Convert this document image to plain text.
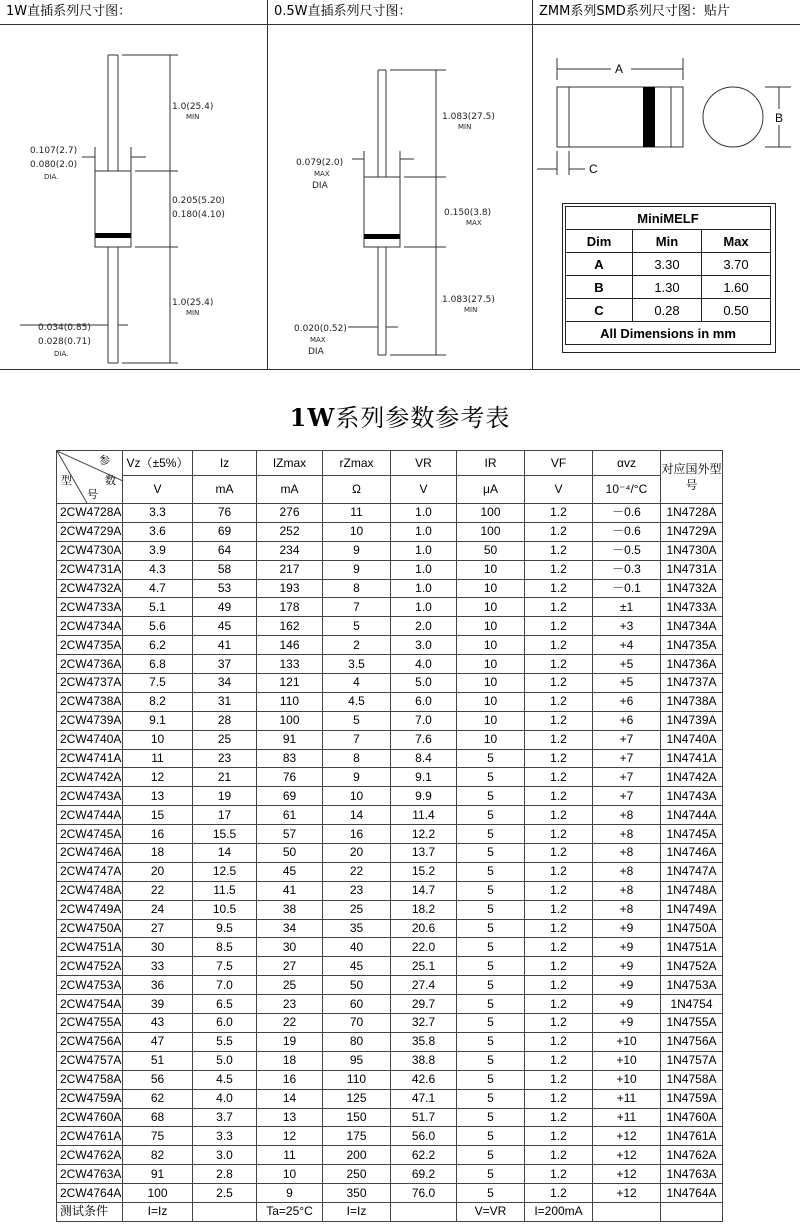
1W直插系列尺寸图：
1.0(25.4)
MIN
0.107(2.7)
0.080(2.0)
DIA.
0.205(5.20)
0.180(4.10)
1.0(25.4)
MIN
0.034(0.85)
0.028(0.71)
DIA.
0.5W直插系列尺寸图：
1.083(27.5)
MIN
0.079(2.0)
MAX
DIA
0.150(3.8)
MAX
1.083(27.5)
MIN
0.020(0.52)
MAX
DIA
ZMM系列SMD系列尺寸图：贴片
A
B
C
MiniMELF		
Dim	Min	Max
A	3.30	3.70
B	1.30	1.60
C	0.28	0.50
All Dimensions in mm		
1W系列参数参考表
参
数
型
号	Vz（±5%）	Iz	IZmax	rZmax	VR	IR	VF	αvz	对应国外型号
	V	mA	mA	Ω	V	μA	V	10⁻⁴/°C	
2CW4728A	3.3	76	276	11	1.0	100	1.2	－0.6	1N4728A
2CW4729A	3.6	69	252	10	1.0	100	1.2	－0.6	1N4729A
2CW4730A	3.9	64	234	9	1.0	50	1.2	－0.5	1N4730A
2CW4731A	4.3	58	217	9	1.0	10	1.2	－0.3	1N4731A
2CW4732A	4.7	53	193	8	1.0	10	1.2	－0.1	1N4732A
2CW4733A	5.1	49	178	7	1.0	10	1.2	±1	1N4733A
2CW4734A	5.6	45	162	5	2.0	10	1.2	+3	1N4734A
2CW4735A	6.2	41	146	2	3.0	10	1.2	+4	1N4735A
2CW4736A	6.8	37	133	3.5	4.0	10	1.2	+5	1N4736A
2CW4737A	7.5	34	121	4	5.0	10	1.2	+5	1N4737A
2CW4738A	8.2	31	110	4.5	6.0	10	1.2	+6	1N4738A
2CW4739A	9.1	28	100	5	7.0	10	1.2	+6	1N4739A
2CW4740A	10	25	91	7	7.6	10	1.2	+7	1N4740A
2CW4741A	11	23	83	8	8.4	5	1.2	+7	1N4741A
2CW4742A	12	21	76	9	9.1	5	1.2	+7	1N4742A
2CW4743A	13	19	69	10	9.9	5	1.2	+7	1N4743A
2CW4744A	15	17	61	14	11.4	5	1.2	+8	1N4744A
2CW4745A	16	15.5	57	16	12.2	5	1.2	+8	1N4745A
2CW4746A	18	14	50	20	13.7	5	1.2	+8	1N4746A
2CW4747A	20	12.5	45	22	15.2	5	1.2	+8	1N4747A
2CW4748A	22	11.5	41	23	14.7	5	1.2	+8	1N4748A
2CW4749A	24	10.5	38	25	18.2	5	1.2	+8	1N4749A
2CW4750A	27	9.5	34	35	20.6	5	1.2	+9	1N4750A
2CW4751A	30	8.5	30	40	22.0	5	1.2	+9	1N4751A
2CW4752A	33	7.5	27	45	25.1	5	1.2	+9	1N4752A
2CW4753A	36	7.0	25	50	27.4	5	1.2	+9	1N4753A
2CW4754A	39	6.5	23	60	29.7	5	1.2	+9	1N4754
2CW4755A	43	6.0	22	70	32.7	5	1.2	+9	1N4755A
2CW4756A	47	5.5	19	80	35.8	5	1.2	+10	1N4756A
2CW4757A	51	5.0	18	95	38.8	5	1.2	+10	1N4757A
2CW4758A	56	4.5	16	110	42.6	5	1.2	+10	1N4758A
2CW4759A	62	4.0	14	125	47.1	5	1.2	+11	1N4759A
2CW4760A	68	3.7	13	150	51.7	5	1.2	+11	1N4760A
2CW4761A	75	3.3	12	175	56.0	5	1.2	+12	1N4761A
2CW4762A	82	3.0	11	200	62.2	5	1.2	+12	1N4762A
2CW4763A	91	2.8	10	250	69.2	5	1.2	+12	1N4763A
2CW4764A	100	2.5	9	350	76.0	5	1.2	+12	1N4764A
测试条件	I=Iz		Ta=25°C	I=Iz		V=VR	I=200mA		
